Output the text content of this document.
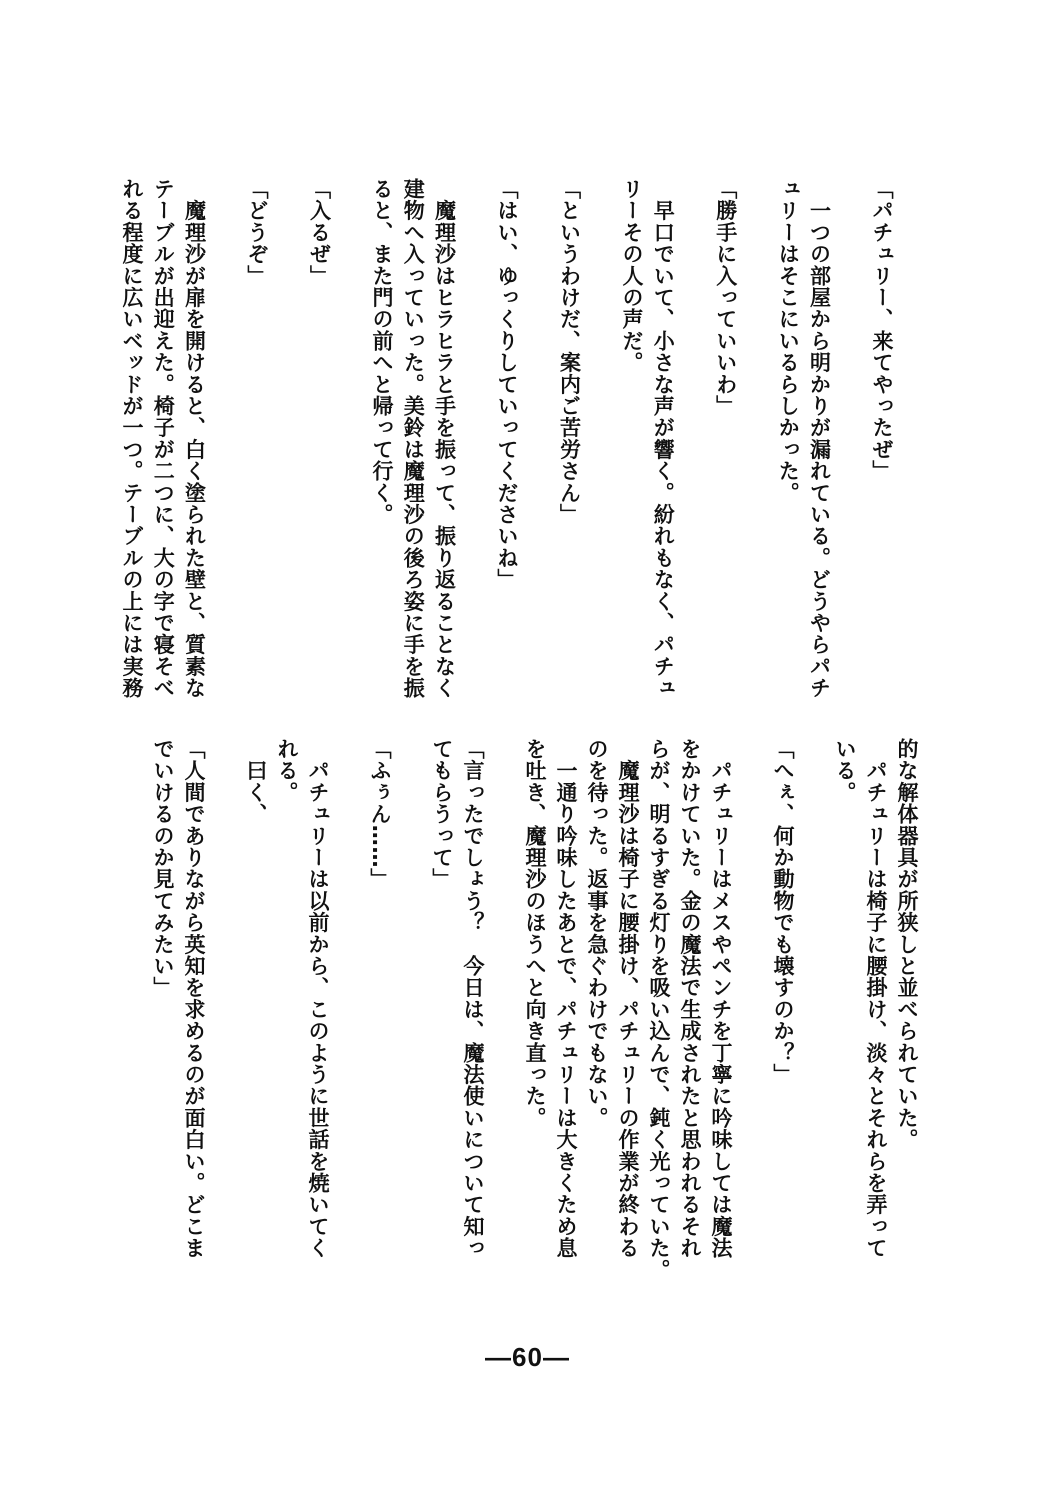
「パチュリー、来てやったぜ」
　一つの部屋から明かりが漏れている。どうやらパチ
ュリーはそこにいるらしかった。
「勝手に入っていいわ」
　早口でいて、小さな声が響く。紛れもなく、パチュ
リーその人の声だ。
「というわけだ、案内ご苦労さん」
「はい、ゆっくりしていってくださいね」
　魔理沙はヒラヒラと手を振って、振り返ることなく
建物へ入っていった。美鈴は魔理沙の後ろ姿に手を振
ると、また門の前へと帰って行く。
「入るぜ」
「どうぞ」
　魔理沙が扉を開けると、白く塗られた壁と、質素な
テーブルが出迎えた。椅子が二つに、大の字で寝そべ
れる程度に広いベッドが一つ。テーブルの上には実務
的な解体器具が所狭しと並べられていた。
　パチュリーは椅子に腰掛け、淡々とそれらを弄って
いる。
「へぇ、何か動物でも壊すのか？」
　パチュリーはメスやペンチを丁寧に吟味しては魔法
をかけていた。金の魔法で生成されたと思われるそれ
らが、明るすぎる灯りを吸い込んで、鈍く光っていた。
　魔理沙は椅子に腰掛け、パチュリーの作業が終わる
のを待った。返事を急ぐわけでもない。
　一通り吟味したあとで、パチュリーは大きくため息
を吐き、魔理沙のほうへと向き直った。
「言ったでしょう？　今日は、魔法使いについて知っ
てもらうって」
「ふぅん……」
　パチュリーは以前から、このように世話を焼いてく
れる。
　曰く、
「人間でありながら英知を求めるのが面白い。どこま
でいけるのか見てみたい」
—60—
